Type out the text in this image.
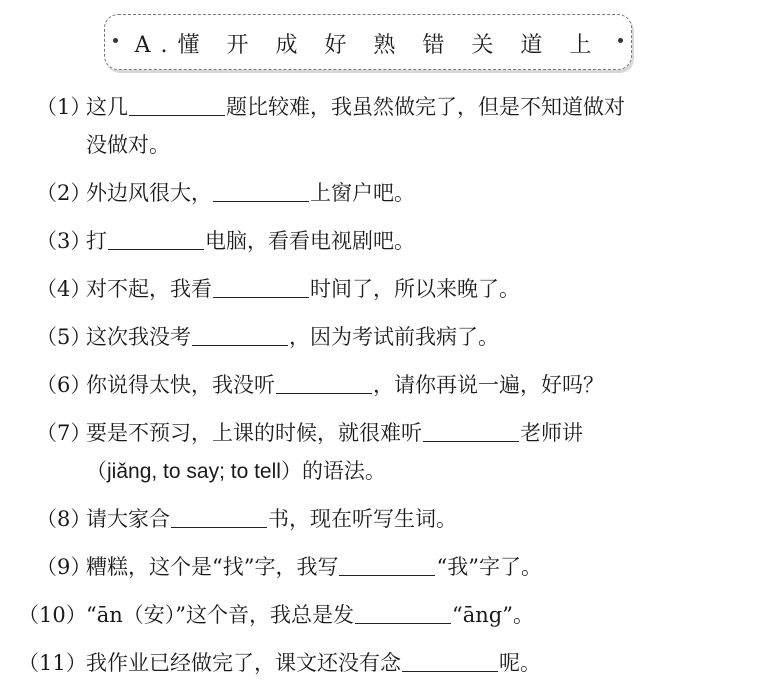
A.懂 开 成 好 熟 错 关 道 上
（1）
这几	题比较难，我虽然做完了，但是不知道做对
没做对。
（2）
外边风很大，	上窗户吧。
（3）
打	电脑，看看电视剧吧。
（4）
对不起，我看	时间了，所以来晚了。
（5）
这次我没考	，因为考试前我病了。
（6）
你说得太快，我没听	，请你再说一遍，好吗？
（7）
要是不预习，上课的时候，就很难听	老师讲
（jiǎng, to say; to tell）的语法。
（8）
请大家合	书，现在听写生词。
（9）
糟糕，这个是“找”字，我写	“我”字了。
（10） “ān（安）”这个音，我总是发	“āng”。
（11） 我作业已经做完了，课文还没有念	呢。
